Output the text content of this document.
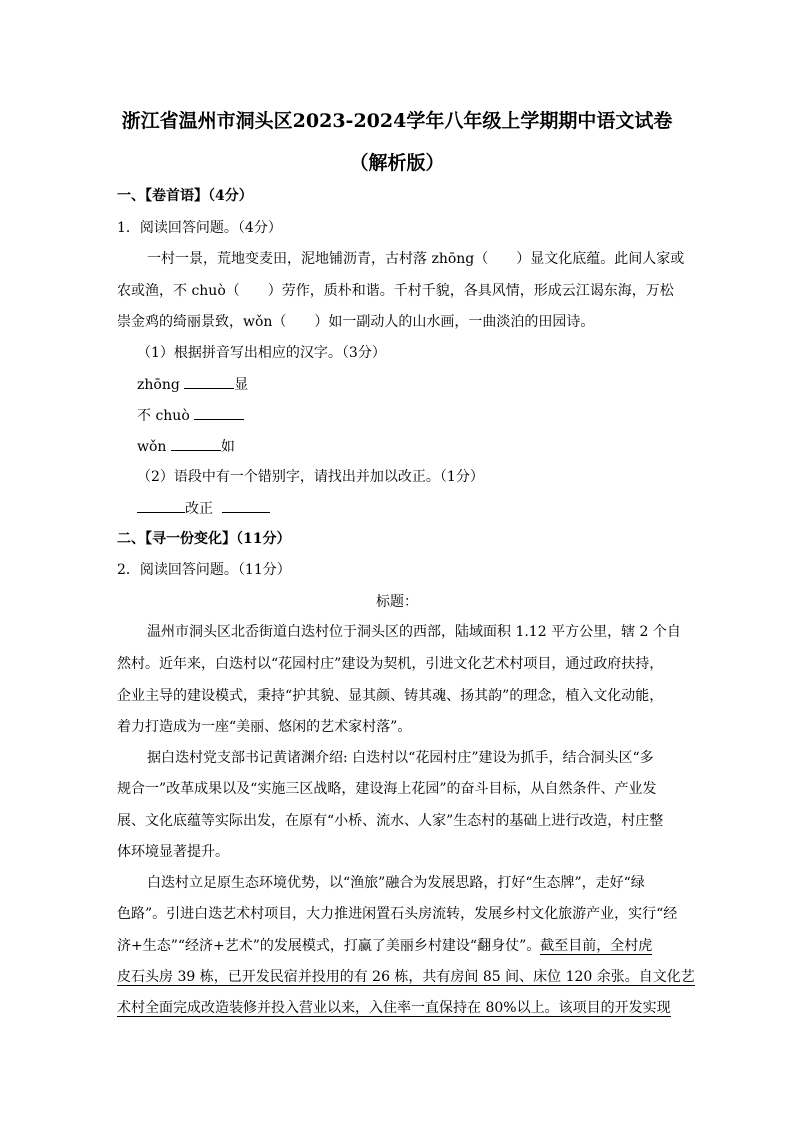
浙江省温州市洞头区2023-2024学年八年级上学期期中语文试卷
（解析版）
一、【卷首语】（4分）
1．阅读回答问题。（4分）
一村一景，荒地变麦田，泥地铺沥青，古村落 zhōng（　　）显文化底蕴。此间人家或
农或渔，不 chuò（　　）劳作，质朴和谐。千村千貌，各具风情，形成云江谒东海，万松
崇金鸡的绮丽景致，wǒn（　　）如一副动人的山水画，一曲淡泊的田园诗。
（1）根据拼音写出相应的汉字。（3分）
zhōng	显
不 chuò
wǒn	如
（2）语段中有一个错别字，请找出并加以改正。（1分）
改正
二、【寻一份变化】（11分）
2．阅读回答问题。（11分）
标题：
温州市洞头区北岙街道白迭村位于洞头区的西部，陆域面积 1.12 平方公里，辖 2 个自
然村。近年来，白迭村以“花园村庄”建设为契机，引进文化艺术村项目，通过政府扶持，
企业主导的建设模式，秉持“护其貌、显其颜、铸其魂、扬其韵”的理念，植入文化动能，
着力打造成为一座“美丽、悠闲的艺术家村落”。
据白迭村党支部书记黄诸渊介绍: 白迭村以“花园村庄”建设为抓手，结合洞头区“多
规合一”改革成果以及“实施三区战略，建设海上花园”的奋斗目标，从自然条件、产业发
展、文化底蕴等实际出发，在原有“小桥、流水、人家”生态村的基础上进行改造，村庄整
体环境显著提升。
白迭村立足原生态环境优势，以“渔旅”融合为发展思路，打好“生态牌”，走好“绿
色路”。引进白迭艺术村项目，大力推进闲置石头房流转，发展乡村文化旅游产业，实行“经
济+生态”“经济+艺术”的发展模式，打赢了美丽乡村建设“翻身仗”。截至目前，全村虎
皮石头房 39 栋，已开发民宿并投用的有 26 栋，共有房间 85 间、床位 120 余张。自文化艺
术村全面完成改造装修并投入营业以来，入住率一直保持在 80%以上。该项目的开发实现
